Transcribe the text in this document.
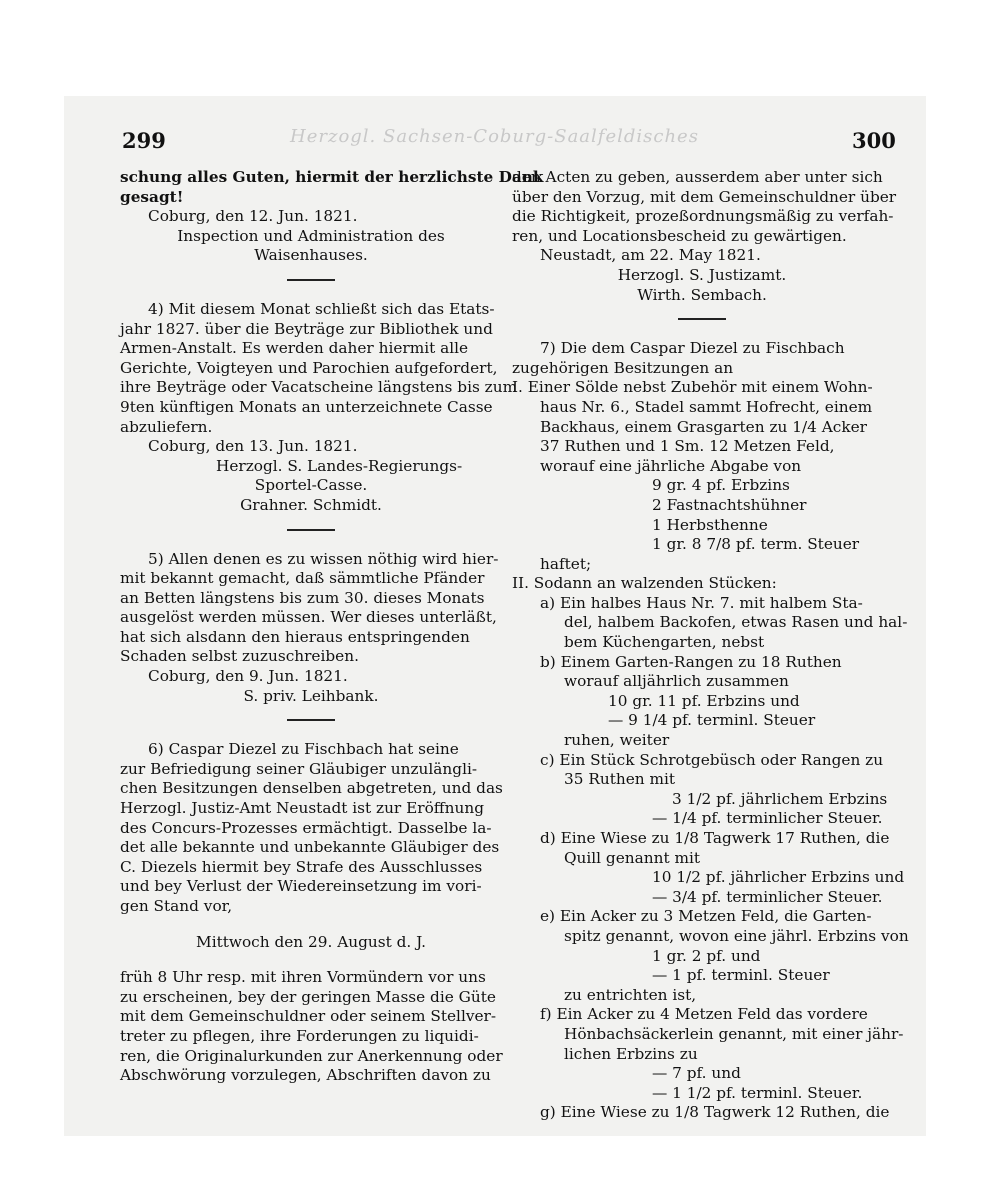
299	Herzogl. Sachsen-Coburg-Saalfeldisches	300
schung alles Guten, hiermit der herzlichste Dank
gesagt!
Coburg, den 12. Jun. 1821.
Inspection und Administration des
Waisenhauses.
4) Mit diesem Monat schließt sich das Etats-
jahr 1827. über die Beyträge zur Bibliothek und
Armen-Anstalt. Es werden daher hiermit alle
Gerichte, Voigteyen und Parochien aufgefordert,
ihre Beyträge oder Vacatscheine längstens bis zum
9ten künftigen Monats an unterzeichnete Casse
abzuliefern.
Coburg, den 13. Jun. 1821.
Herzogl. S. Landes-Regierungs-
Sportel-Casse.
Grahner. Schmidt.
5) Allen denen es zu wissen nöthig wird hier-
mit bekannt gemacht, daß sämmtliche Pfänder
an Betten längstens bis zum 30. dieses Monats
ausgelöst werden müssen. Wer dieses unterläßt,
hat sich alsdann den hieraus entspringenden
Schaden selbst zuzuschreiben.
Coburg, den 9. Jun. 1821.
S. priv. Leihbank.
6) Caspar Diezel zu Fischbach hat seine
zur Befriedigung seiner Gläubiger unzulängli-
chen Besitzungen denselben abgetreten, und das
Herzogl. Justiz-Amt Neustadt ist zur Eröffnung
des Concurs-Prozesses ermächtigt. Dasselbe la-
det alle bekannte und unbekannte Gläubiger des
C. Diezels hiermit bey Strafe des Ausschlusses
und bey Verlust der Wiedereinsetzung im vori-
gen Stand vor,
Mittwoch den 29. August d. J.
früh 8 Uhr resp. mit ihren Vormündern vor uns
zu erscheinen, bey der geringen Masse die Güte
mit dem Gemeinschuldner oder seinem Stellver-
treter zu pflegen, ihre Forderungen zu liquidi-
ren, die Originalurkunden zur Anerkennung oder
Abschwörung vorzulegen, Abschriften davon zu
den Acten zu geben, ausserdem aber unter sich
über den Vorzug, mit dem Gemeinschuldner über
die Richtigkeit, prozeßordnungsmäßig zu verfah-
ren, und Locationsbescheid zu gewärtigen.
Neustadt, am 22. May 1821.
Herzogl. S. Justizamt.
Wirth. Sembach.
7) Die dem Caspar Diezel zu Fischbach
zugehörigen Besitzungen an
I. Einer Sölde nebst Zubehör mit einem Wohn-
haus Nr. 6., Stadel sammt Hofrecht, einem
Backhaus, einem Grasgarten zu 1/4 Acker
37 Ruthen und 1 Sm. 12 Metzen Feld,
worauf eine jährliche Abgabe von
9 gr. 4 pf. Erbzins
2 Fastnachtshühner
1 Herbsthenne
1 gr. 8 7/8 pf. term. Steuer
haftet;
II. Sodann an walzenden Stücken:
a) Ein halbes Haus Nr. 7. mit halbem Sta-
del, halbem Backofen, etwas Rasen und hal-
bem Küchengarten, nebst
b) Einem Garten-Rangen zu 18 Ruthen
worauf alljährlich zusammen
10 gr. 11 pf. Erbzins und
— 9 1/4 pf. terminl. Steuer
ruhen, weiter
c) Ein Stück Schrotgebüsch oder Rangen zu
35 Ruthen mit
3 1/2 pf. jährlichem Erbzins
— 1/4 pf. terminlicher Steuer.
d) Eine Wiese zu 1/8 Tagwerk 17 Ruthen, die
Quill genannt mit
10 1/2 pf. jährlicher Erbzins und
— 3/4 pf. terminlicher Steuer.
e) Ein Acker zu 3 Metzen Feld, die Garten-
spitz genannt, wovon eine jährl. Erbzins von
1 gr. 2 pf. und
— 1 pf. terminl. Steuer
zu entrichten ist,
f) Ein Acker zu 4 Metzen Feld das vordere
Hönbachsäckerlein genannt, mit einer jähr-
lichen Erbzins zu
— 7 pf. und
— 1 1/2 pf. terminl. Steuer.
g) Eine Wiese zu 1/8 Tagwerk 12 Ruthen, die
